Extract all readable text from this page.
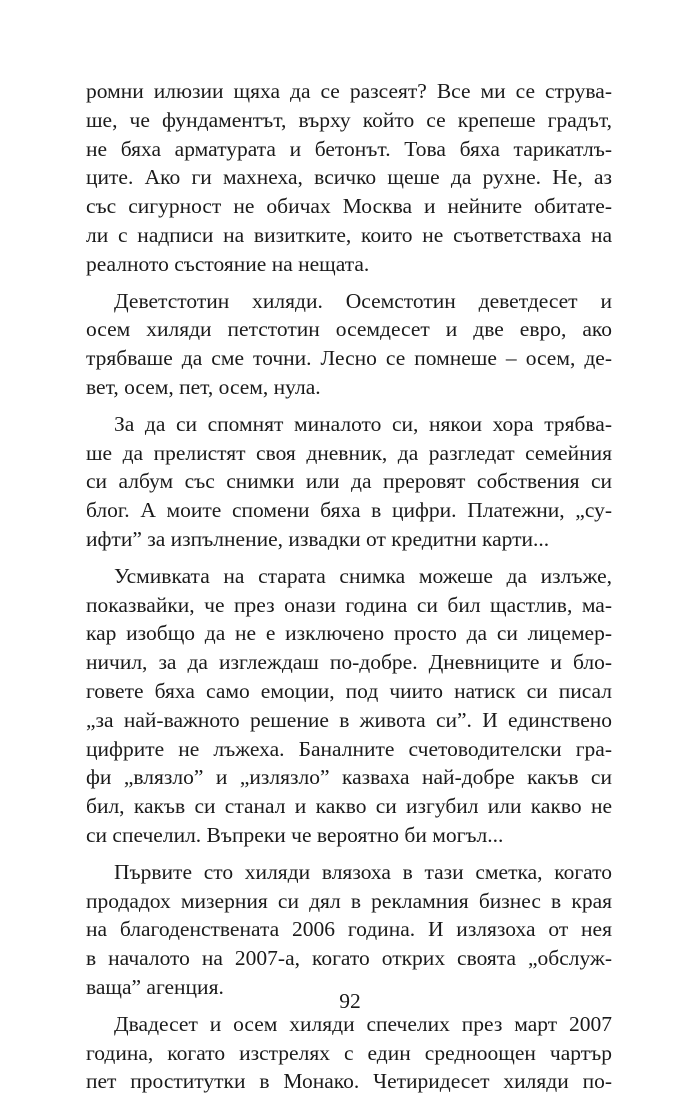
ромни илюзии щяха да се разсеят? Все ми се струва-
ше, че фундаментът, върху който се крепеше градът,
не бяха арматурата и бетонът. Това бяха тарикатлъ-
ците. Ако ги махнеха, всичко щеше да рухне. Не, аз
със сигурност не обичах Москва и нейните обитате-
ли с надписи на визитките, които не съответстваха на
реалното състояние на нещата.
Деветстотин хиляди. Осемстотин деветдесет и
осем хиляди петстотин осемдесет и две евро, ако
трябваше да сме точни. Лесно се помнеше – осем, де-
вет, осем, пет, осем, нула.
За да си спомнят миналото си, някои хора трябва-
ше да прелистят своя дневник, да разгледат семейния
си албум със снимки или да преровят собствения си
блог. А моите спомени бяха в цифри. Платежни, „су-
ифти” за изпълнение, извадки от кредитни карти...
Усмивката на старата снимка можеше да излъже,
показвайки, че през онази година си бил щастлив, ма-
кар изобщо да не е изключено просто да си лицемер-
ничил, за да изглеждаш по-добре. Дневниците и бло-
говете бяха само емоции, под чиито натиск си писал
„за най-важното решение в живота си”. И единствено
цифрите не лъжеха. Баналните счетоводителски гра-
фи „влязло” и „излязло” казваха най-добре какъв си
бил, какъв си станал и какво си изгубил или какво не
си спечелил. Въпреки че вероятно би могъл...
Първите сто хиляди влязоха в тази сметка, когато
продадох мизерния си дял в рекламния бизнес в края
на благоденствената 2006 година. И излязоха от нея
в началото на 2007-а, когато открих своята „обслуж-
ваща” агенция.
Двадесет и осем хиляди спечелих през март 2007
година, когато изстрелях с един средноощен чартър
пет проститутки в Монако. Четиридесет хиляди по-
92
